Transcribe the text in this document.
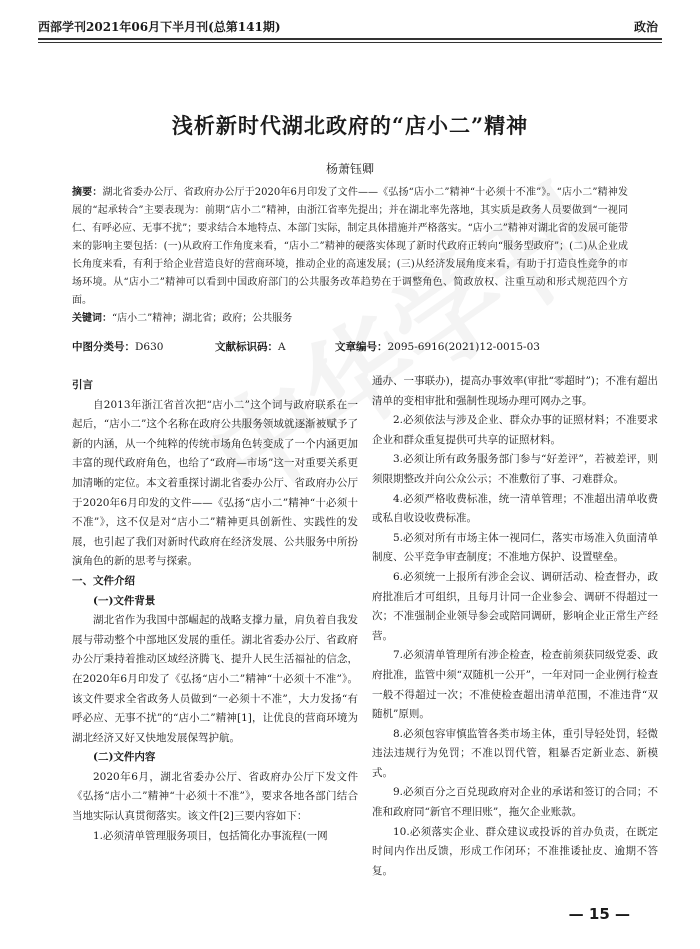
西部学刊2021年06月下半月刊(总第141期)	政治
浅析新时代湖北政府的“店小二”精神
杨萧钰卿
摘要：湖北省委办公厅、省政府办公厅于2020年6月印发了文件——《弘扬“店小二”精神“十必须十不准”》。“店小二”精神发展的“起承转合”主要表现为：前期“店小二”精神，由浙江省率先提出；并在湖北率先落地，其实质是政务人员要做到“一视同仁、有呼必应、无事不扰”；要求结合本地特点、本部门实际，制定具体措施并严格落实。“店小二”精神对湖北省的发展可能带来的影响主要包括：(一)从政府工作角度来看，“店小二”精神的硬落实体现了新时代政府正转向“服务型政府”；(二)从企业成长角度来看，有利于给企业营造良好的营商环境，推动企业的高速发展；(三)从经济发展角度来看，有助于打造良性竞争的市场环境。从“店小二”精神可以看到中国政府部门的公共服务改革趋势在于调整角色、简政放权、注重互动和形式规范四个方面。
关键词：“店小二”精神；湖北省；政府；公共服务
中图分类号：D630	文献标识码：A	文章编号：2095-6916(2021)12-0015-03

引言

自2013年浙江省首次把“店小二”这个词与政府联系在一起后，“店小二”这个名称在政府公共服务领域就逐渐被赋予了新的内涵，从一个纯粹的传统市场角色转变成了一个内涵更加丰富的现代政府角色，也给了“政府—市场”这一对重要关系更加清晰的定位。本文着重探讨湖北省委办公厅、省政府办公厅于2020年6月印发的文件——《弘扬“店小二”精神“十必须十不准”》，这不仅是对“店小二”精神更具创新性、实践性的发展，也引起了我们对新时代政府在经济发展、公共服务中所扮演角色的新的思考与探索。

一、文件介绍

(一)文件背景

湖北省作为我国中部崛起的战略支撑力量，肩负着自我发展与带动整个中部地区发展的重任。湖北省委办公厅、省政府办公厅秉持着推动区域经济腾飞、提升人民生活福祉的信念，在2020年6月印发了《弘扬“店小二”精神“十必须十不准”》。该文件要求全省政务人员做到“一必须十不准”，大力发扬“有呼必应、无事不扰”的“店小二”精神[1]，让优良的营商环境为湖北经济又好又快地发展保驾护航。

(二)文件内容

2020年6月，湖北省委办公厅、省政府办公厅下发文件《弘扬“店小二”精神“十必须十不准”》，要求各地各部门结合当地实际认真贯彻落实。该文件[2]三要内容如下：

1.必须清单管理服务项目，包括简化办事流程(一网

通办、一事联办)，提高办事效率(审批“零超时”)；不准有超出清单的变相审批和强制性现场办理可网办之事。

2.必须依法与涉及企业、群众办事的证照材料；不准要求企业和群众重复提供可共享的证照材料。

3.必须让所有政务服务部门参与“好差评”，若被差评，则须限期整改并向公众公示；不准敷衍了事、刁难群众。

4.必须严格收费标准，统一清单管理；不准超出清单收费或私自收设收费标准。

5.必须对所有市场主体一视同仁，落实市场准入负面清单制度、公平竞争审查制度；不准地方保护、设置壁垒。

6.必须统一上报所有涉企会议、调研活动、检查督办，政府批准后才可组织，且每月计同一企业参会、调研不得超过一次；不准强制企业领导参会或陪同调研，影响企业正常生产经营。

7.必须清单管理所有涉企检查，检查前须获同级党委、政府批准，监管中须“双随机一公开”，一年对同一企业例行检查一般不得超过一次；不准使检查超出清单范围，不准违背“双随机”原则。

8.必须包容审慎监管各类市场主体，重引导轻处罚，轻微违法违规行为免罚；不准以罚代管，粗暴否定新业态、新模式。

9.必须百分之百兑现政府对企业的承诺和签订的合同；不准和政府同“新官不理旧账”，拖欠企业账款。

10.必须落实企业、群众建议或投诉的首办负责，在既定时间内作出反馈，形成工作闭环；不准推诿扯皮、逾期不答复。

— 15 —
